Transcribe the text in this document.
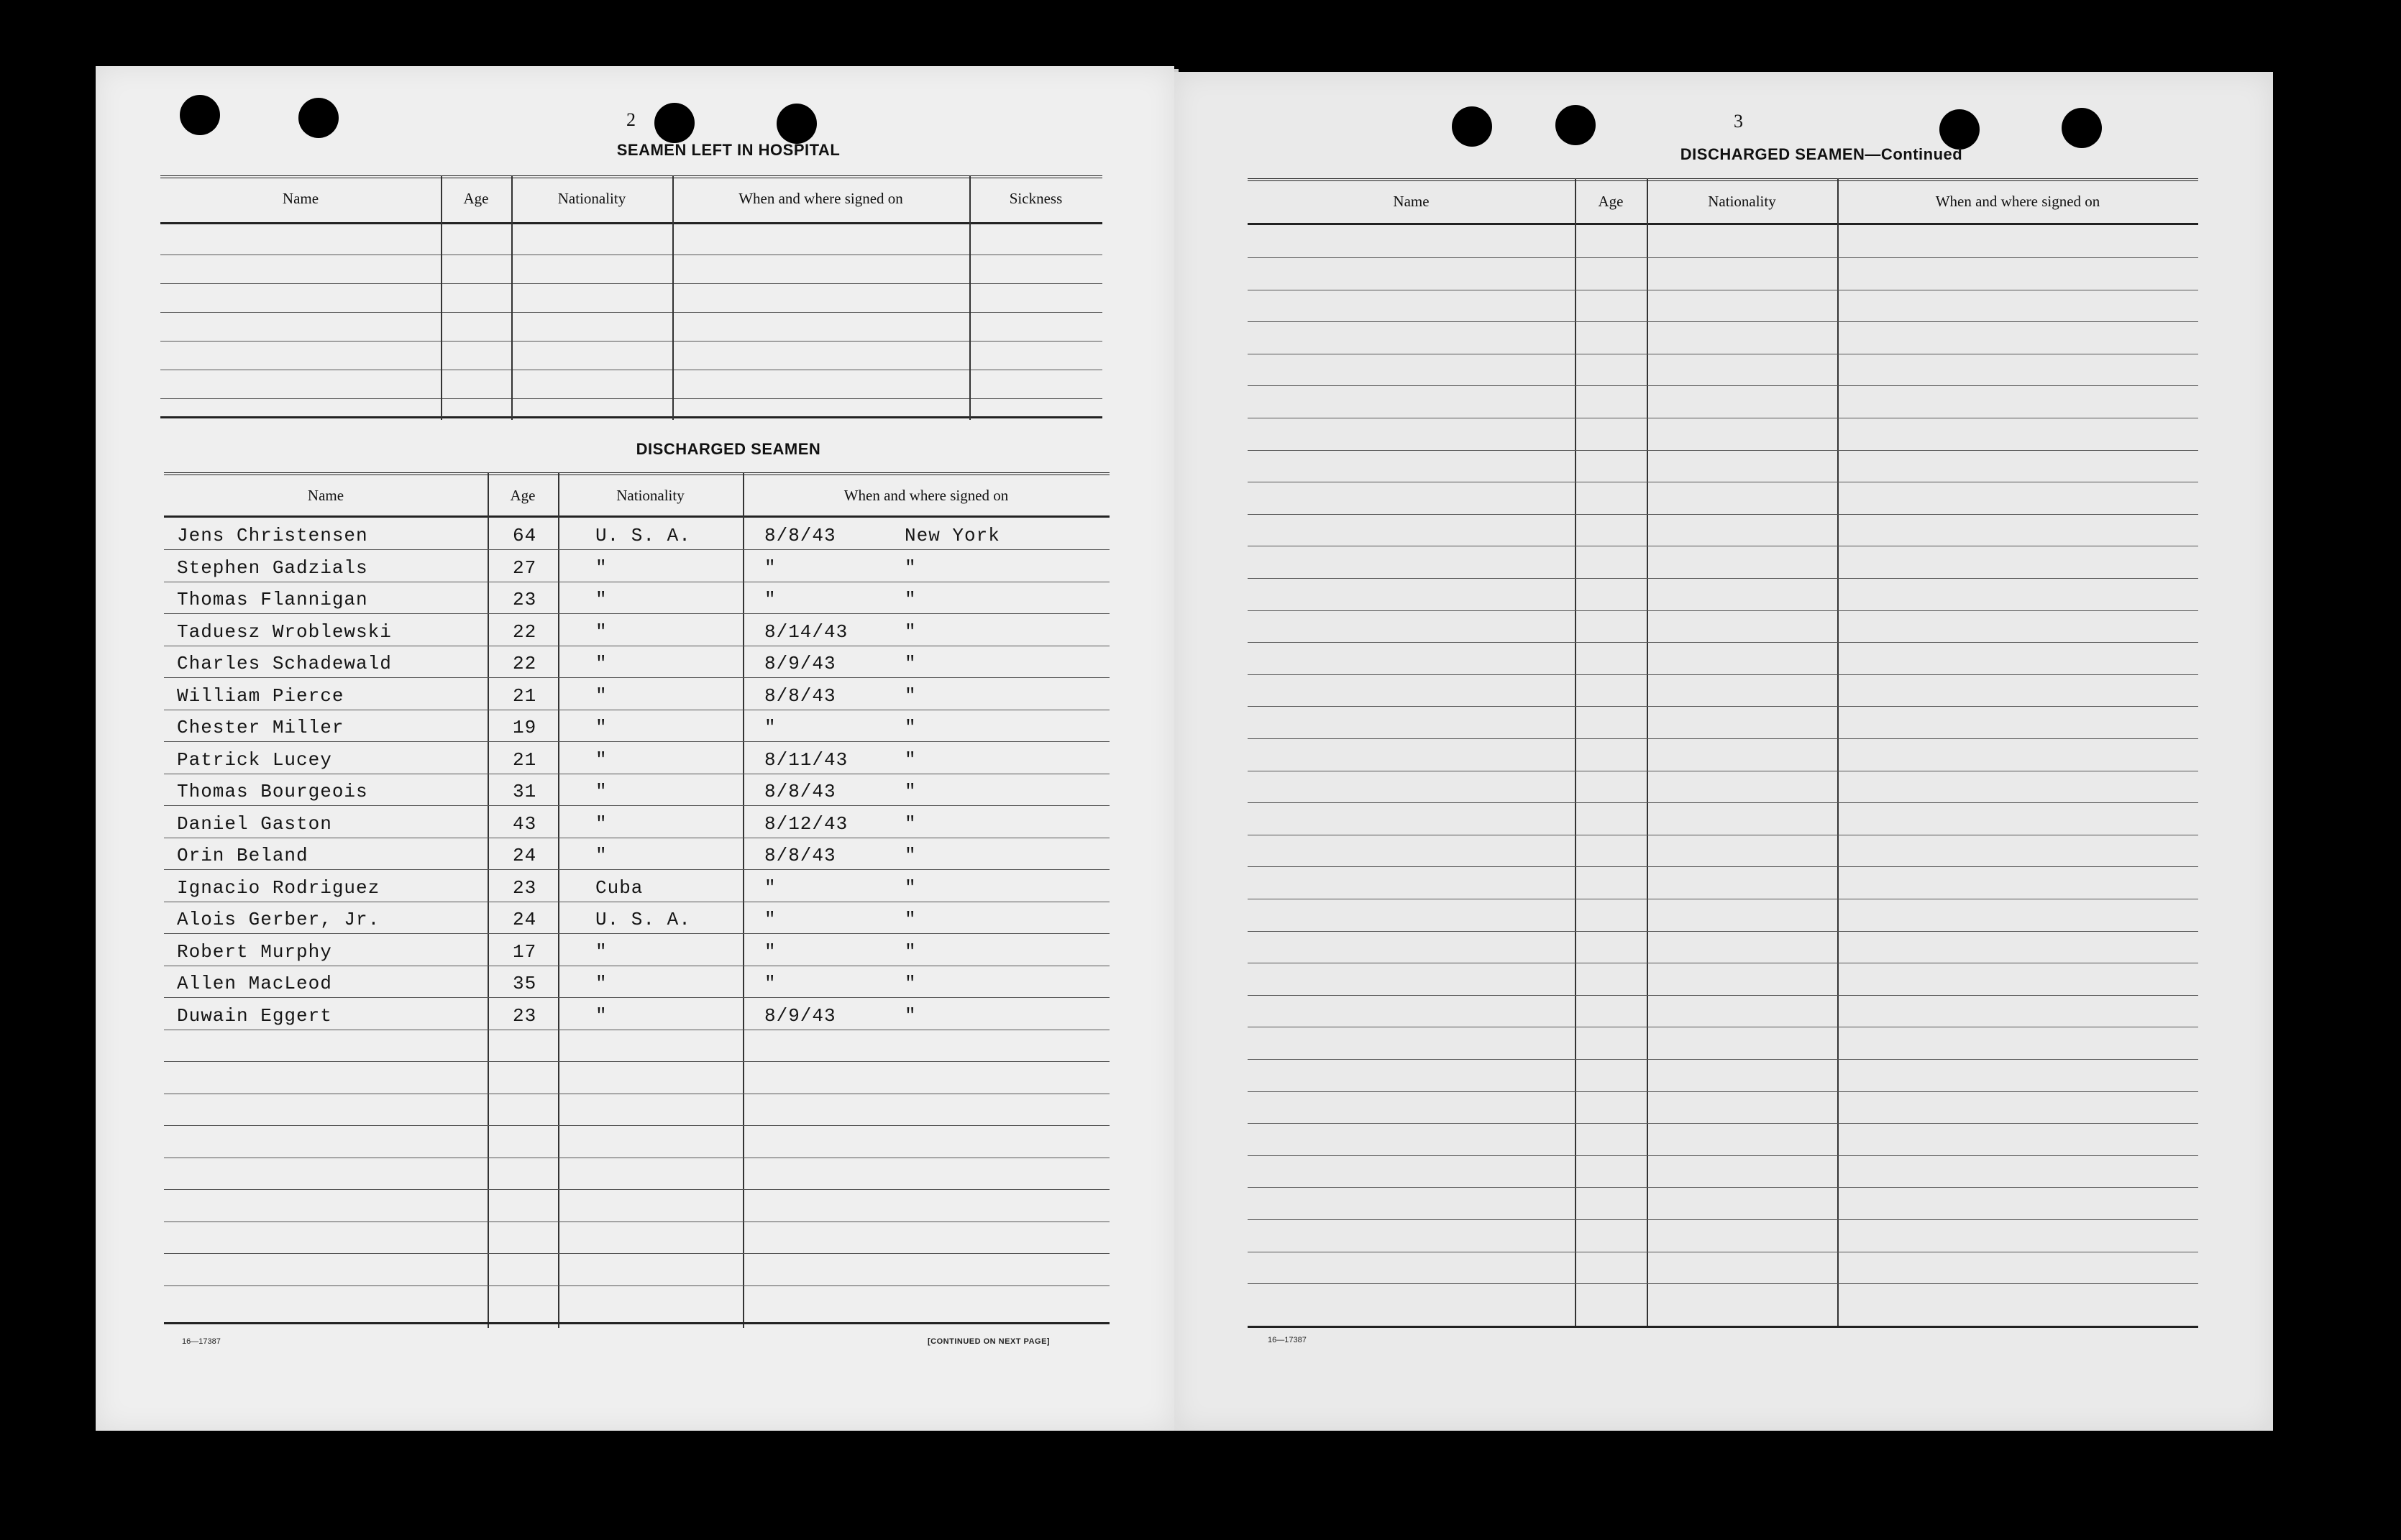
2
SEAMEN LEFT IN HOSPITAL
Name	Age	Nationality	When and where signed on	Sickness
DISCHARGED SEAMEN
Name	Age	Nationality	When and where signed on
Jens Christensen	64	U. S. A.	8/8/43	New York
Stephen Gadzials	27	"	"	"
Thomas Flannigan	23	"	"	"
Taduesz Wroblewski	22	"	8/14/43	"
Charles Schadewald	22	"	8/9/43	"
William Pierce	21	"	8/8/43	"
Chester Miller	19	"	"	"
Patrick Lucey	21	"	8/11/43	"
Thomas Bourgeois	31	"	8/8/43	"
Daniel Gaston	43	"	8/12/43	"
Orin Beland	24	"	8/8/43	"
Ignacio Rodriguez	23	Cuba	"	"
Alois Gerber, Jr.	24	U. S. A.	"	"
Robert Murphy	17	"	"	"
Allen MacLeod	35	"	"	"
Duwain Eggert	23	"	8/9/43	"
16—17387	[CONTINUED ON NEXT PAGE]
3
DISCHARGED SEAMEN—Continued
Name	Age	Nationality	When and where signed on
16—17387
